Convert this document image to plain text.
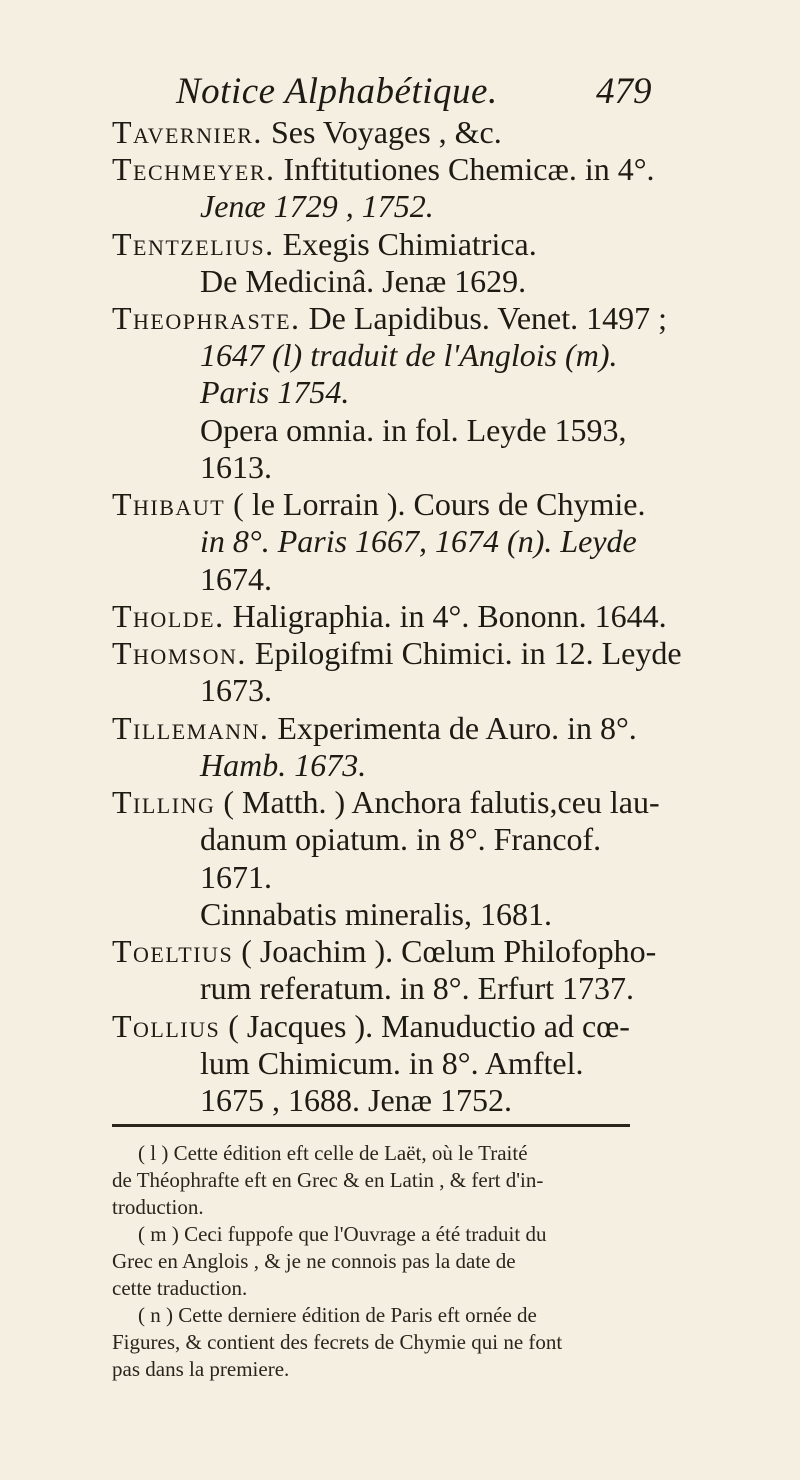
Notice Alphabétique.	479
Tavernier. Ses Voyages , &c.
Techmeyer. Inftitutiones Chemicæ. in 4°.
Jenæ 1729 , 1752.
Tentzelius. Exegis Chimiatrica.
De Medicinâ. Jenæ 1629.
Theophraste. De Lapidibus. Venet. 1497 ;
1647 (l) traduit de l'Anglois (m).
Paris 1754.
Opera omnia. in fol. Leyde 1593,
1613.
Thibaut ( le Lorrain ). Cours de Chymie.
in 8°. Paris 1667, 1674 (n). Leyde
1674.
Tholde. Haligraphia. in 4°. Bononn. 1644.
Thomson. Epilogifmi Chimici. in 12. Leyde
1673.
Tillemann. Experimenta de Auro. in 8°.
Hamb. 1673.
Tilling ( Matth. ) Anchora falutis,ceu lau-
danum opiatum. in 8°. Francof.
1671.
Cinnabatis mineralis, 1681.
Toeltius ( Joachim ). Cœlum Philofopho-
rum referatum. in 8°. Erfurt 1737.
Tollius ( Jacques ). Manuductio ad cœ-
lum Chimicum. in 8°. Amftel.
1675 , 1688. Jenæ 1752.
( l ) Cette édition eft celle de Laët, où le Traité
de Théophrafte eft en Grec & en Latin , & fert d'in-
troduction.
( m ) Ceci fuppofe que l'Ouvrage a été traduit du
Grec en Anglois , & je ne connois pas la date de
cette traduction.
( n ) Cette derniere édition de Paris eft ornée de
Figures, & contient des fecrets de Chymie qui ne font
pas dans la premiere.
